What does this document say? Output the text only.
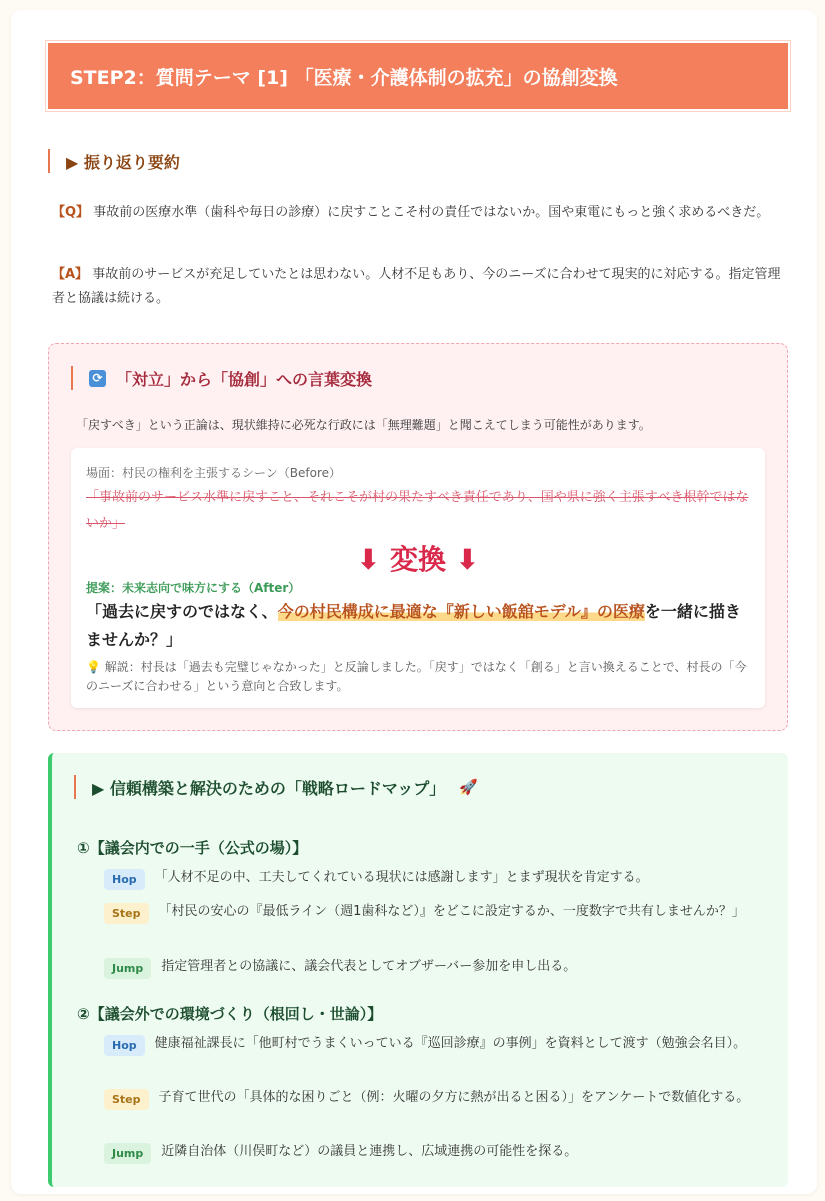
STEP2：質問テーマ [1] 「医療・介護体制の拡充」の協創変換
▶ 振り返り要約
【Q】 事故前の医療水準（歯科や毎日の診療）に戻すことこそ村の責任ではないか。国や東電にもっと強く求めるべきだ。
【A】 事故前のサービスが充足していたとは思わない。人材不足もあり、今のニーズに合わせて現実的に対応する。指定管理者と協議は続ける。
⟳ 「対立」から「協創」への言葉変換
「戻すべき」という正論は、現状維持に必死な行政には「無理難題」と聞こえてしまう可能性があります。
場面：村民の権利を主張するシーン（Before）
「事故前のサービス水準に戻すこと、それこそが村の果たすべき責任であり、国や県に強く主張すべき根幹ではないか」
⬇ 変換 ⬇
提案：未来志向で味方にする（After）
「過去に戻すのではなく、今の村民構成に最適な『新しい飯舘モデル』の医療を一緒に描きませんか？」
💡 解説：村長は「過去も完璧じゃなかった」と反論しました。「戻す」ではなく「創る」と言い換えることで、村長の「今のニーズに合わせる」という意向と合致します。
▶ 信頼構築と解決のための「戦略ロードマップ」 🚀
①【議会内での一手（公式の場）】
Hop	「人材不足の中、工夫してくれている現状には感謝します」とまず現状を肯定する。
Step	「村民の安心の『最低ライン（週1歯科など）』をどこに設定するか、一度数字で共有しませんか？」
Jump	指定管理者との協議に、議会代表としてオブザーバー参加を申し出る。
②【議会外での環境づくり（根回し・世論）】
Hop	健康福祉課長に「他町村でうまくいっている『巡回診療』の事例」を資料として渡す（勉強会名目）。
Step	子育て世代の「具体的な困りごと（例：火曜の夕方に熱が出ると困る）」をアンケートで数値化する。
Jump	近隣自治体（川俣町など）の議員と連携し、広域連携の可能性を探る。
